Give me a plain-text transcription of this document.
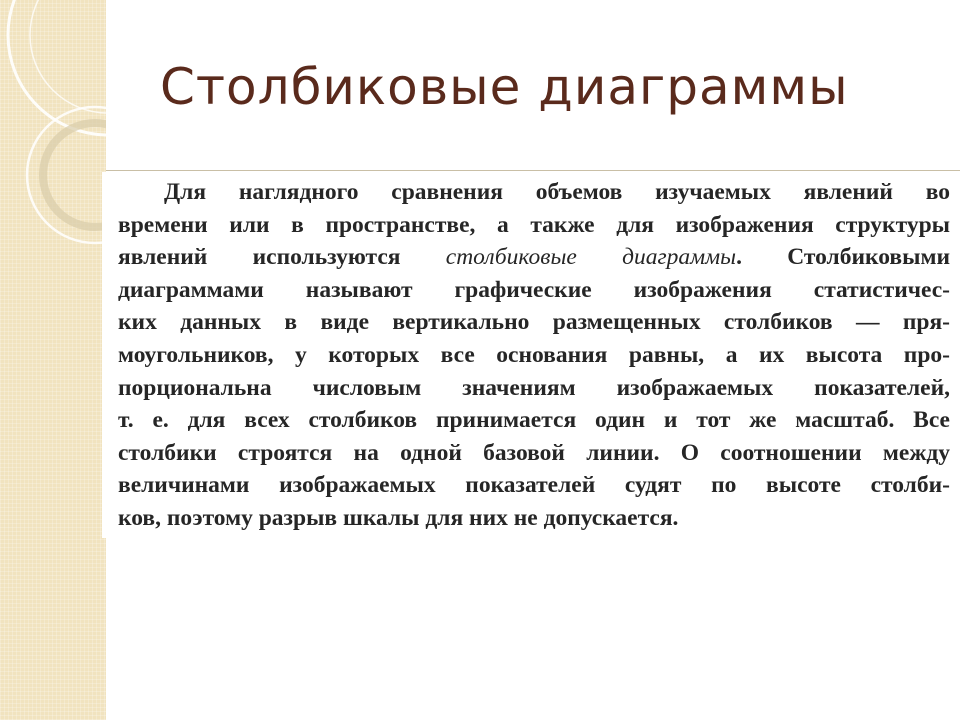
Столбиковые диаграммы
Для наглядного сравнения объемов изучаемых явлений во
времени или в пространстве, а также для изображения структуры
явлений используются столбиковые диаграммы. Столбиковыми
диаграммами называют графические изображения статистичес-
ких данных в виде вертикально размещенных столбиков — пря-
моугольников, у которых все основания равны, а их высота про-
порциональна числовым значениям изображаемых показателей,
т. е. для всех столбиков принимается один и тот же масштаб. Все
столбики строятся на одной базовой линии. О соотношении между
величинами изображаемых показателей судят по высоте столби-
ков, поэтому разрыв шкалы для них не допускается.
